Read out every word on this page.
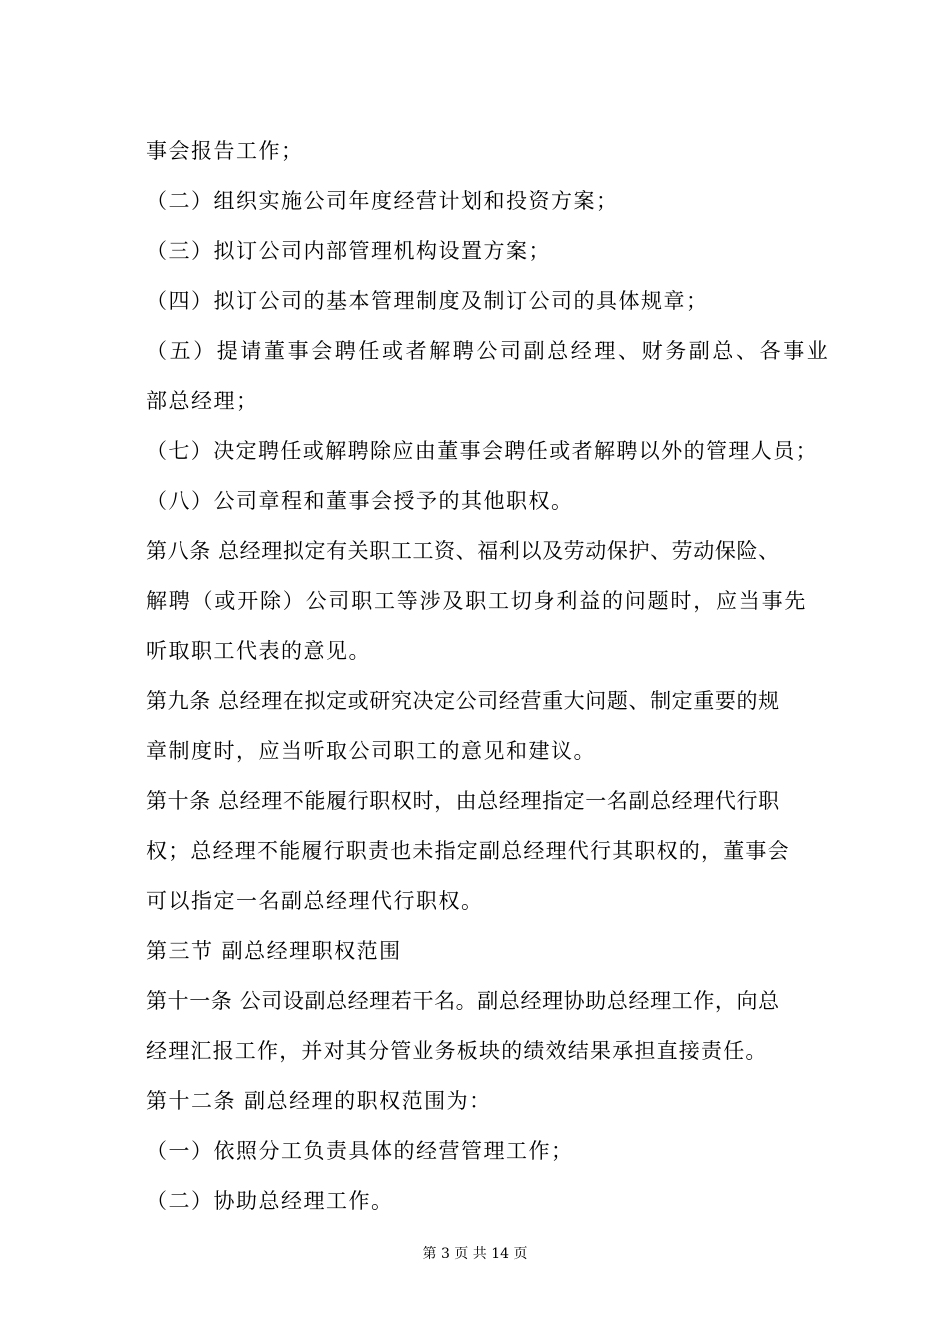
事会报告工作；
（二）组织实施公司年度经营计划和投资方案；
（三）拟订公司内部管理机构设置方案；
（四）拟订公司的基本管理制度及制订公司的具体规章；
（五）提请董事会聘任或者解聘公司副总经理、财务副总、各事业
部总经理；
（七）决定聘任或解聘除应由董事会聘任或者解聘以外的管理人员；
（八）公司章程和董事会授予的其他职权。
第八条 总经理拟定有关职工工资、福利以及劳动保护、劳动保险、
解聘（或开除）公司职工等涉及职工切身利益的问题时，应当事先
听取职工代表的意见。
第九条 总经理在拟定或研究决定公司经营重大问题、制定重要的规
章制度时，应当听取公司职工的意见和建议。
第十条 总经理不能履行职权时，由总经理指定一名副总经理代行职
权；总经理不能履行职责也未指定副总经理代行其职权的，董事会
可以指定一名副总经理代行职权。
第三节 副总经理职权范围
第十一条 公司设副总经理若干名。副总经理协助总经理工作，向总
经理汇报工作，并对其分管业务板块的绩效结果承担直接责任。
第十二条 副总经理的职权范围为：
（一）依照分工负责具体的经营管理工作；
（二）协助总经理工作。
第 3 页 共 14 页
